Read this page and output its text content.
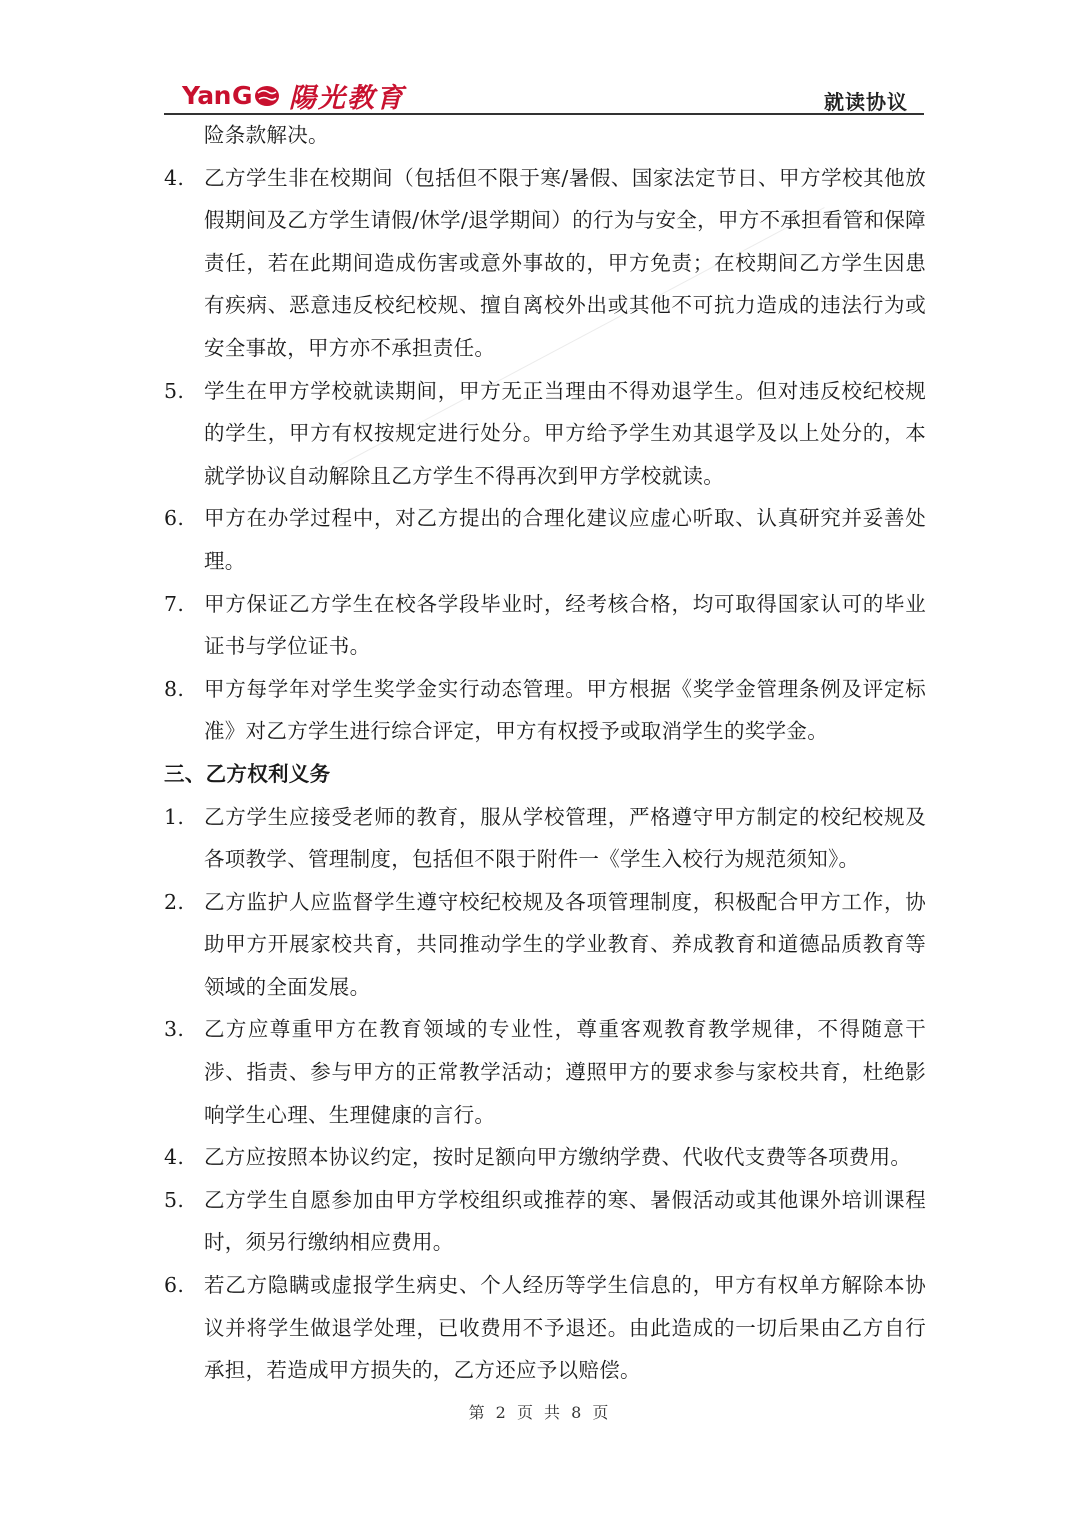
Yan G 陽光教育	就读协议
险条款解决。
4. 乙方学生非在校期间（包括但不限于寒/暑假、国家法定节日、甲方学校其他放假期间及乙方学生请假/休学/退学期间）的行为与安全，甲方不承担看管和保障责任，若在此期间造成伤害或意外事故的，甲方免责；在校期间乙方学生因患有疾病、恶意违反校纪校规、擅自离校外出或其他不可抗力造成的违法行为或安全事故，甲方亦不承担责任。
5. 学生在甲方学校就读期间，甲方无正当理由不得劝退学生。但对违反校纪校规的学生，甲方有权按规定进行处分。甲方给予学生劝其退学及以上处分的，本就学协议自动解除且乙方学生不得再次到甲方学校就读。
6. 甲方在办学过程中，对乙方提出的合理化建议应虚心听取、认真研究并妥善处理。
7. 甲方保证乙方学生在校各学段毕业时，经考核合格，均可取得国家认可的毕业证书与学位证书。
8. 甲方每学年对学生奖学金实行动态管理。甲方根据《奖学金管理条例及评定标准》对乙方学生进行综合评定，甲方有权授予或取消学生的奖学金。
三、乙方权利义务
1. 乙方学生应接受老师的教育，服从学校管理，严格遵守甲方制定的校纪校规及各项教学、管理制度，包括但不限于附件一《学生入校行为规范须知》。
2. 乙方监护人应监督学生遵守校纪校规及各项管理制度，积极配合甲方工作，协助甲方开展家校共育，共同推动学生的学业教育、养成教育和道德品质教育等领域的全面发展。
3. 乙方应尊重甲方在教育领域的专业性，尊重客观教育教学规律，不得随意干涉、指责、参与甲方的正常教学活动；遵照甲方的要求参与家校共育，杜绝影响学生心理、生理健康的言行。
4. 乙方应按照本协议约定，按时足额向甲方缴纳学费、代收代支费等各项费用。
5. 乙方学生自愿参加由甲方学校组织或推荐的寒、暑假活动或其他课外培训课程时，须另行缴纳相应费用。
6. 若乙方隐瞒或虚报学生病史、个人经历等学生信息的，甲方有权单方解除本协议并将学生做退学处理，已收费用不予退还。由此造成的一切后果由乙方自行承担，若造成甲方损失的，乙方还应予以赔偿。
第 2 页 共 8 页
